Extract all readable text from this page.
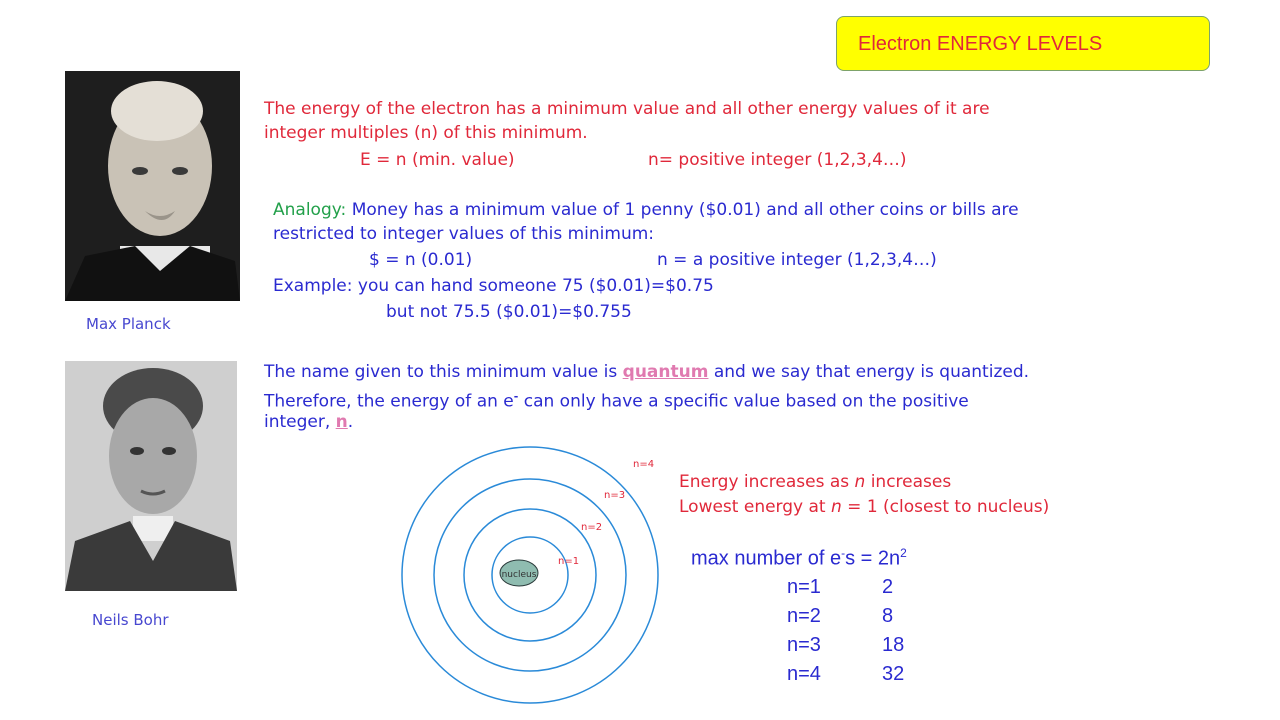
Electron ENERGY LEVELS
Max Planck
The energy of the electron has a minimum value and all other energy values of it are
integer multiples (n) of this minimum.
E = n (min. value)	n= positive integer (1,2,3,4…)
Analogy: Money has a minimum value of 1 penny ($0.01) and all other coins or bills are
restricted to integer values of this minimum:
$ = n (0.01)	n = a positive integer (1,2,3,4…)
Example: you can hand someone 75 ($0.01)=$0.75
but not 75.5 ($0.01)=$0.755
Neils Bohr
The name given to this minimum value is quantum and we say that energy is quantized.
Therefore, the energy of an e- can only have a specific value based on the positive
integer, n.
nucleus
n=1
n=2
n=3
n=4
Energy increases as n increases
Lowest energy at n = 1 (closest to nucleus)
max number of $e^-s = 2n^2$
n=1	2
n=2	8
n=3	18
n=4	32
